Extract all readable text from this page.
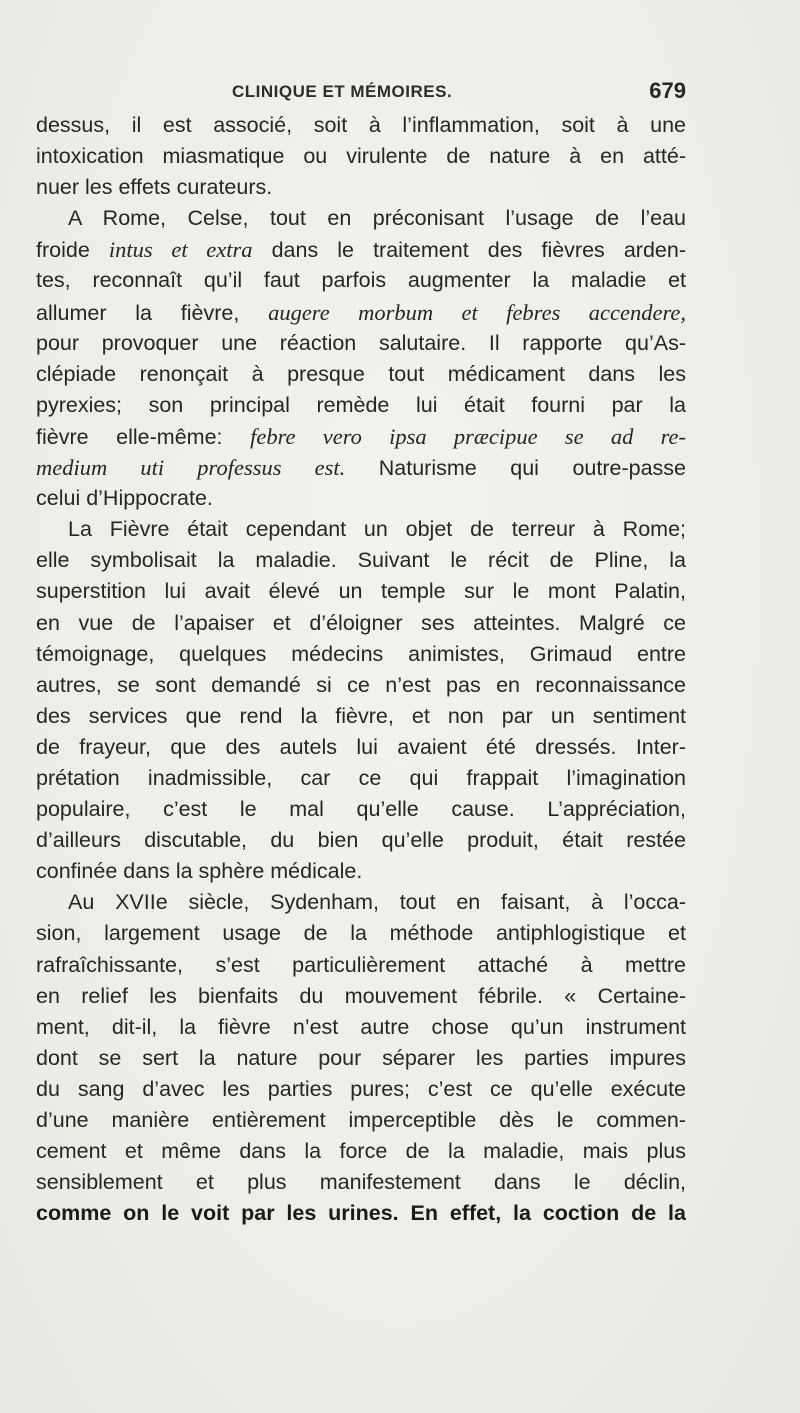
CLINIQUE ET MÉMOIRES.	679
dessus, il est associé, soit à l’inflammation, soit à une
intoxication miasmatique ou virulente de nature à en atté-
nuer les effets curateurs.
A Rome, Celse, tout en préconisant l’usage de l’eau
froide intus et extra dans le traitement des fièvres arden-
tes, reconnaît qu’il faut parfois augmenter la maladie et
allumer la fièvre, augere morbum et febres accendere,
pour provoquer une réaction salutaire. Il rapporte qu’As-
clépiade renonçait à presque tout médicament dans les
pyrexies; son principal remède lui était fourni par la
fièvre elle-même: febre vero ipsa præcipue se ad re-
medium uti professus est. Naturisme qui outre-passe
celui d’Hippocrate.
La Fièvre était cependant un objet de terreur à Rome;
elle symbolisait la maladie. Suivant le récit de Pline, la
superstition lui avait élevé un temple sur le mont Palatin,
en vue de l’apaiser et d’éloigner ses atteintes. Malgré ce
témoignage, quelques médecins animistes, Grimaud entre
autres, se sont demandé si ce n’est pas en reconnaissance
des services que rend la fièvre, et non par un sentiment
de frayeur, que des autels lui avaient été dressés. Inter-
prétation inadmissible, car ce qui frappait l’imagination
populaire, c’est le mal qu’elle cause. L’appréciation,
d’ailleurs discutable, du bien qu’elle produit, était restée
confinée dans la sphère médicale.
Au XVIIe siècle, Sydenham, tout en faisant, à l’occa-
sion, largement usage de la méthode antiphlogistique et
rafraîchissante, s’est particulièrement attaché à mettre
en relief les bienfaits du mouvement fébrile. « Certaine-
ment, dit-il, la fièvre n’est autre chose qu’un instrument
dont se sert la nature pour séparer les parties impures
du sang d’avec les parties pures; c’est ce qu’elle exécute
d’une manière entièrement imperceptible dès le commen-
cement et même dans la force de la maladie, mais plus
sensiblement et plus manifestement dans le déclin,
comme on le voit par les urines. En effet, la coction de la
